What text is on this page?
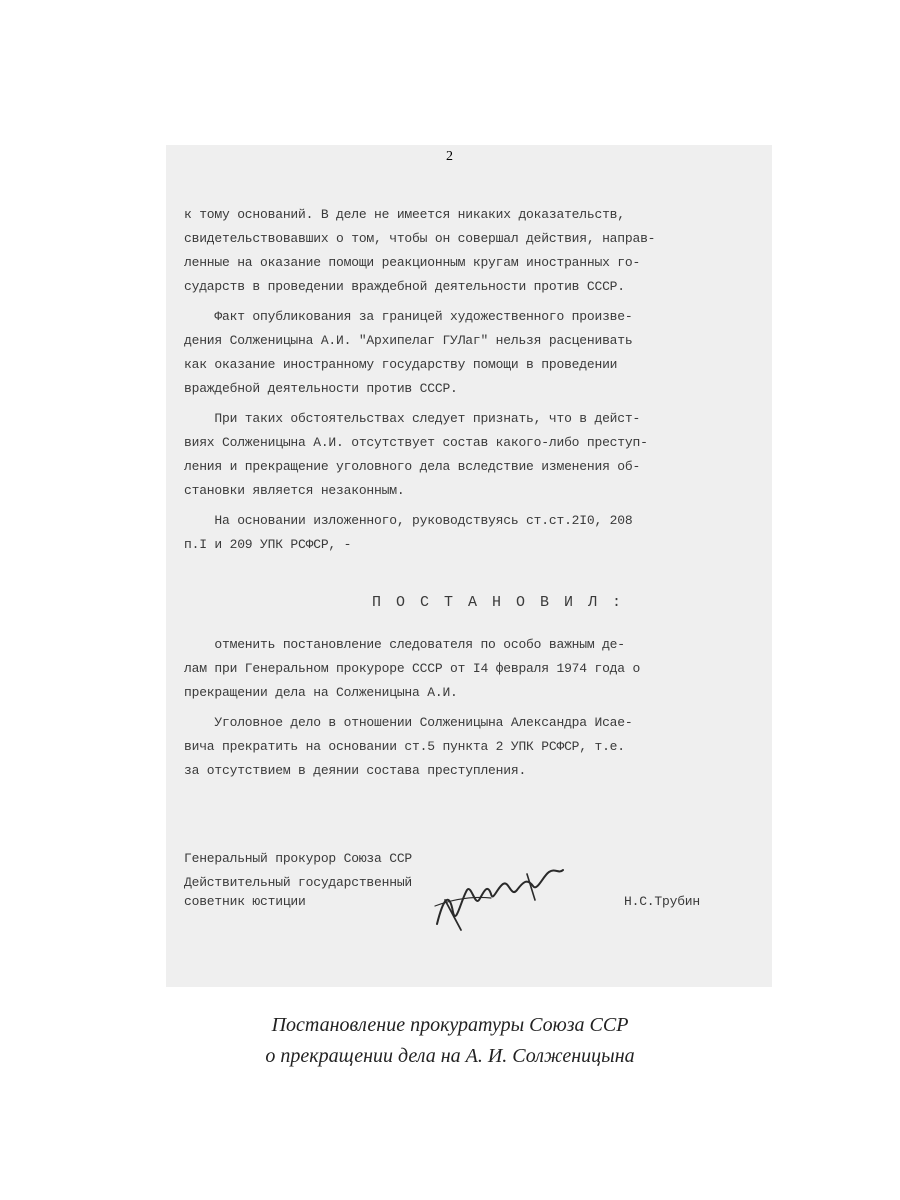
2
к тому оснований. В деле не имеется никаких доказательств,
свидетельствовавших о том, чтобы он совершал действия, направ-
ленные на оказание помощи реакционным кругам иностранных го-
сударств в проведении враждебной деятельности против СССР.
Факт опубликования за границей художественного произве-
дения Солженицына А.И. "Архипелаг ГУЛаг" нельзя расценивать
как оказание иностранному государству помощи в проведении
враждебной деятельности против СССР.
При таких обстоятельствах следует признать, что в дейст-
виях Солженицына А.И. отсутствует состав какого-либо преступ-
ления и прекращение уголовного дела вследствие изменения об-
становки является незаконным.
На основании изложенного, руководствуясь ст.ст.2I0, 208
п.I и 209 УПК РСФСР, -
отменить постановление следователя по особо важным де-
лам при Генеральном прокуроре СССР от I4 февраля 1974 года о
прекращении дела на Солженицына А.И.
Уголовное дело в отношении Солженицына Александра Исае-
вича прекратить на основании ст.5 пункта 2 УПК РСФСР, т.е.
за отсутствием в деянии состава преступления.
Генеральный прокурор Союза ССР
Действительный государственный
советник юстиции	Н.С.Трубин
П О С Т А Н О В И Л :
Постановление прокуратуры Союза ССР
о прекращении дела на А. И. Солженицына
